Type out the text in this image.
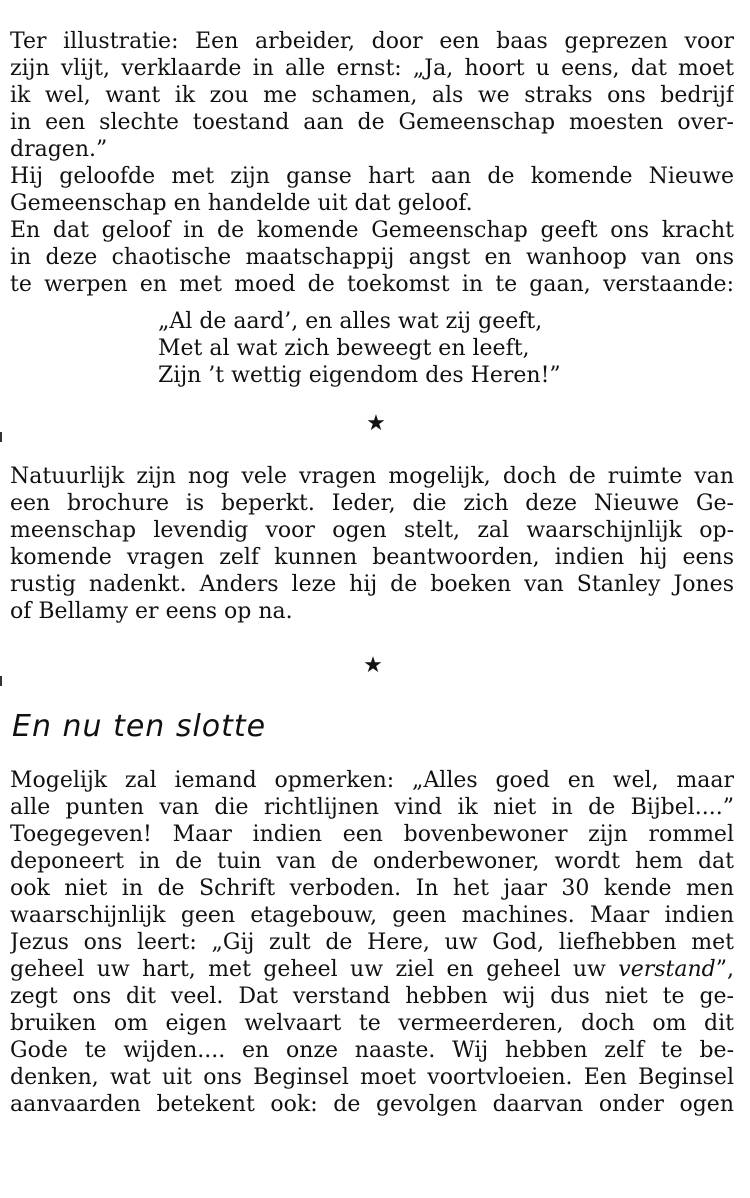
Ter illustratie: Een arbeider, door een baas geprezen voor
zijn vlijt, verklaarde in alle ernst: „Ja, hoort u eens, dat moet
ik wel, want ik zou me schamen, als we straks ons bedrijf
in een slechte toestand aan de Gemeenschap moesten over-
dragen.”
Hij geloofde met zijn ganse hart aan de komende Nieuwe
Gemeenschap en handelde uit dat geloof.
En dat geloof in de komende Gemeenschap geeft ons kracht
in deze chaotische maatschappij angst en wanhoop van ons
te werpen en met moed de toekomst in te gaan, verstaande:
„Al de aard’, en alles wat zij geeft,
Met al wat zich beweegt en leeft,
Zijn ’t wettig eigendom des Heren!”
★
Natuurlijk zijn nog vele vragen mogelijk, doch de ruimte van
een brochure is beperkt. Ieder, die zich deze Nieuwe Ge-
meenschap levendig voor ogen stelt, zal waarschijnlijk op-
komende vragen zelf kunnen beantwoorden, indien hij eens
rustig nadenkt. Anders leze hij de boeken van Stanley Jones
of Bellamy er eens op na.
★
En nu ten slotte
Mogelijk zal iemand opmerken: „Alles goed en wel, maar
alle punten van die richtlijnen vind ik niet in de Bijbel....”
Toegegeven! Maar indien een bovenbewoner zijn rommel
deponeert in de tuin van de onderbewoner, wordt hem dat
ook niet in de Schrift verboden. In het jaar 30 kende men
waarschijnlijk geen etagebouw, geen machines. Maar indien
Jezus ons leert: „Gij zult de Here, uw God, liefhebben met
geheel uw hart, met geheel uw ziel en geheel uw verstand”,
zegt ons dit veel. Dat verstand hebben wij dus niet te ge-
bruiken om eigen welvaart te vermeerderen, doch om dit
Gode te wijden.... en onze naaste. Wij hebben zelf te be-
denken, wat uit ons Beginsel moet voortvloeien. Een Beginsel
aanvaarden betekent ook: de gevolgen daarvan onder ogen
